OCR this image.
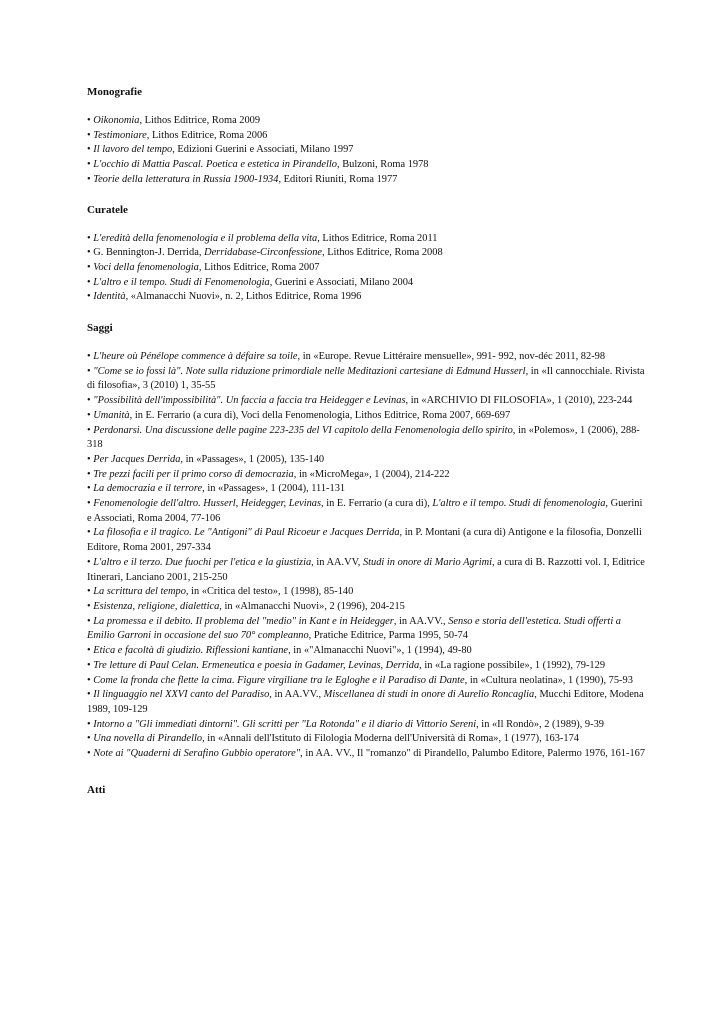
Monografie
• Oikonomia, Lithos Editrice, Roma 2009
• Testimoniare, Lithos Editrice, Roma 2006
• Il lavoro del tempo, Edizioni Guerini e Associati, Milano 1997
• L'occhio di Mattia Pascal. Poetica e estetica in Pirandello, Bulzoni, Roma 1978
• Teorie della letteratura in Russia 1900-1934, Editori Riuniti, Roma 1977
Curatele
• L'eredità della fenomenologia e il problema della vita, Lithos Editrice, Roma 2011
• G. Bennington-J. Derrida, Derridabase-Circonfessione, Lithos Editrice, Roma 2008
• Voci della fenomenologia, Lithos Editrice, Roma 2007
• L'altro e il tempo. Studi di Fenomenologia, Guerini e Associati, Milano 2004
• Identità, «Almanacchi Nuovi», n. 2, Lithos Editrice, Roma 1996
Saggi
• L'heure où Pénélope commence à défaire sa toile, in «Europe. Revue Littéraire mensuelle», 991- 992, nov-déc 2011, 82-98
• "Come se io fossi là". Note sulla riduzione primordiale nelle Meditazioni cartesiane di Edmund Husserl, in «Il cannocchiale. Rivista di filosofia», 3 (2010) 1, 35-55
• "Possibilità dell'impossibilità". Un faccia a faccia tra Heidegger e Levinas, in «ARCHIVIO DI FILOSOFIA», 1 (2010), 223-244
• Umanità, in E. Ferrario (a cura di), Voci della Fenomenologia, Lithos Editrice, Roma 2007, 669-697
• Perdonarsi. Una discussione delle pagine 223-235 del VI capitolo della Fenomenologia dello spirito, in «Polemos», 1 (2006), 288-318
• Per Jacques Derrida, in «Passages», 1 (2005), 135-140
• Tre pezzi facili per il primo corso di democrazia, in «MicroMega», 1 (2004), 214-222
• La democrazia e il terrore, in «Passages», 1 (2004), 111-131
• Fenomenologie dell'altro. Husserl, Heidegger, Levinas, in E. Ferrario (a cura di), L'altro e il tempo. Studi di fenomenologia, Guerini e Associati, Roma 2004, 77-106
• La filosofia e il tragico. Le "Antigoni" di Paul Ricoeur e Jacques Derrida, in P. Montani (a cura di) Antigone e la filosofia, Donzelli Editore, Roma 2001, 297-334
• L'altro e il terzo. Due fuochi per l'etica e la giustizia, in AA.VV, Studi in onore di Mario Agrimi, a cura di B. Razzotti vol. I, Editrice Itinerari, Lanciano 2001, 215-250
• La scrittura del tempo, in «Critica del testo», 1 (1998), 85-140
• Esistenza, religione, dialettica, in «Almanacchi Nuovi», 2 (1996), 204-215
• La promessa e il debito. Il problema del "medio" in Kant e in Heidegger, in AA.VV., Senso e storia dell'estetica. Studi offerti a Emilio Garroni in occasione del suo 70° compleanno, Pratiche Editrice, Parma 1995, 50-74
• Etica e facoltà di giudizio. Riflessioni kantiane, in «"Almanacchi Nuovi"», 1 (1994), 49-80
• Tre letture di Paul Celan. Ermeneutica e poesia in Gadamer, Levinas, Derrida, in «La ragione possibile», 1 (1992), 79-129
• Come la fronda che flette la cima. Figure virgiliane tra le Egloghe e il Paradiso di Dante, in «Cultura neolatina», 1 (1990), 75-93
• Il linguaggio nel XXVI canto del Paradiso, in AA.VV., Miscellanea di studi in onore di Aurelio Roncaglia, Mucchi Editore, Modena 1989, 109-129
• Intorno a "Gli immediati dintorni". Gli scritti per "La Rotonda" e il diario di Vittorio Sereni, in «Il Rondò», 2 (1989), 9-39
• Una novella di Pirandello, in «Annali dell'Istituto di Filologia Moderna dell'Università di Roma», 1 (1977), 163-174
• Note ai "Quaderni di Serafino Gubbio operatore", in AA. VV., Il "romanzo" di Pirandello, Palumbo Editore, Palermo 1976, 161-167
Atti
